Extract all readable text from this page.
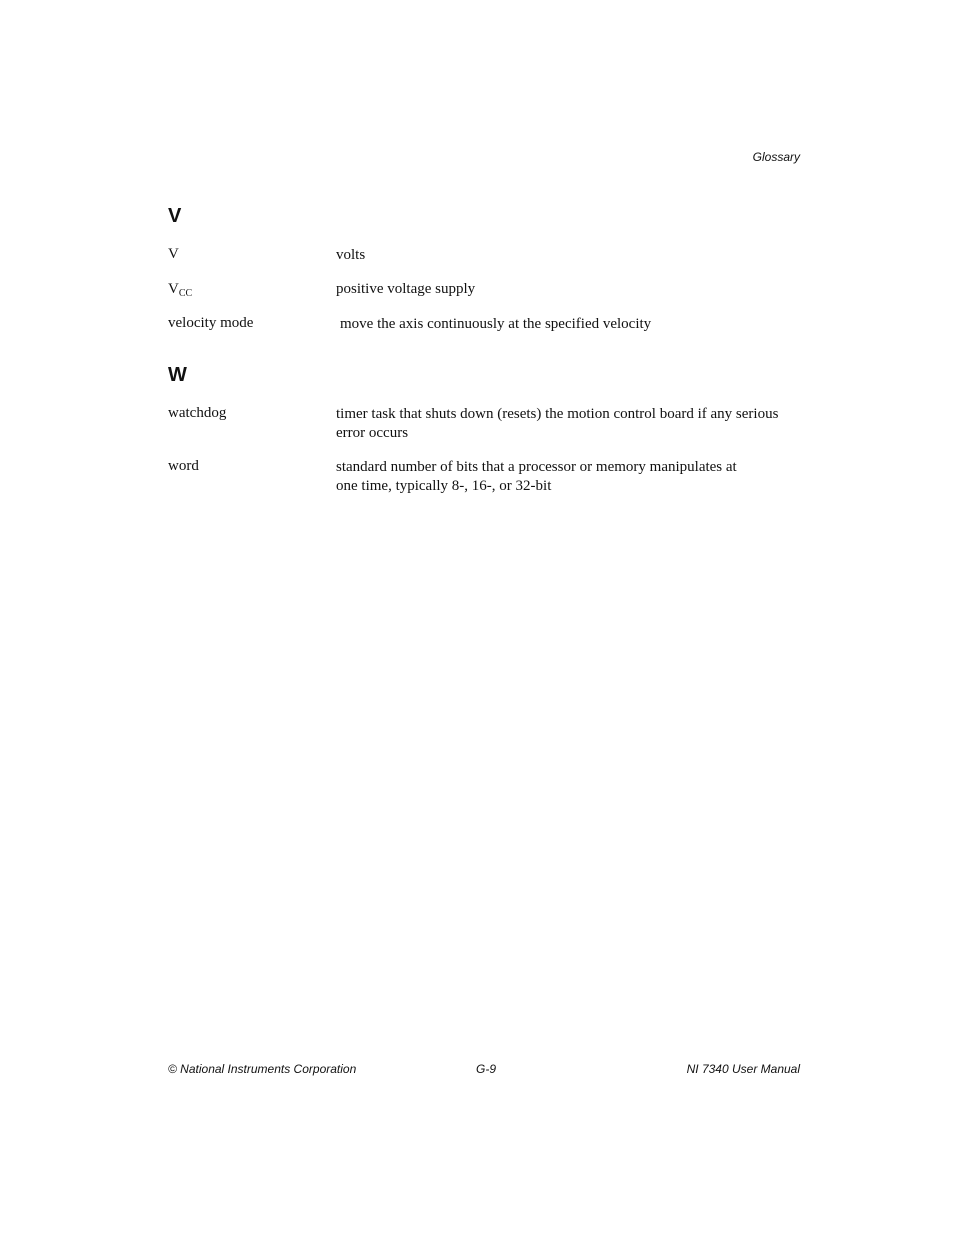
Glossary
V
V	volts
$V_{CC}$	positive voltage supply
velocity mode	move the axis continuously at the specified velocity
W
watchdog	timer task that shuts down (resets) the motion control board if any serious
error occurs
word	standard number of bits that a processor or memory manipulates at
one time, typically 8-, 16-, or 32-bit
© National Instruments Corporation	G-9	NI 7340 User Manual
